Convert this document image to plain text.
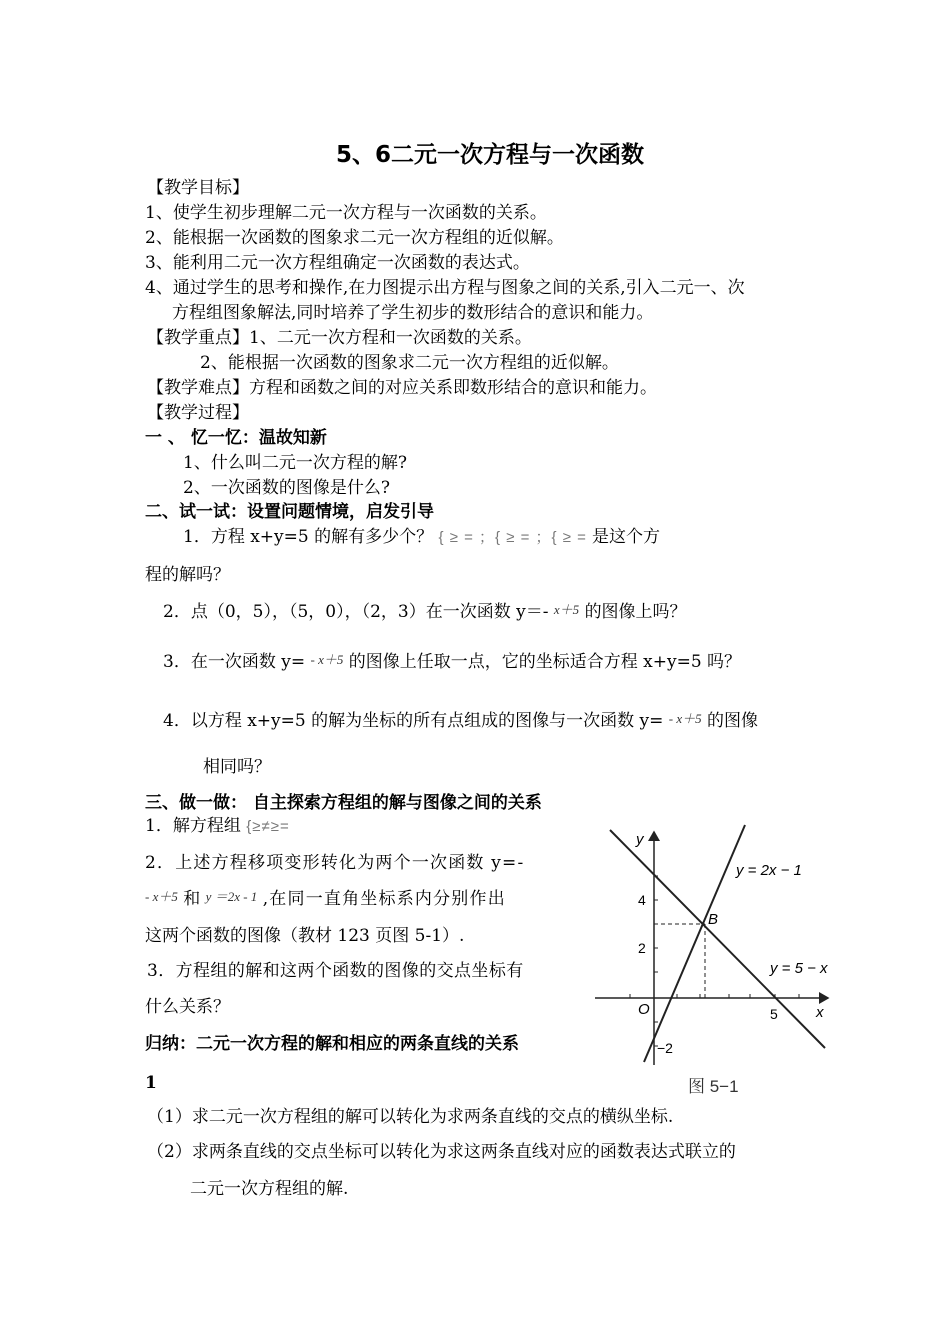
5、6二元一次方程与一次函数
【教学目标】
1、使学生初步理解二元一次方程与一次函数的关系。
2、能根据一次函数的图象求二元一次方程组的近似解。
3、能利用二元一次方程组确定一次函数的表达式。
4、通过学生的思考和操作,在力图提示出方程与图象之间的关系,引入二元一、次
方程组图象解法,同时培养了学生初步的数形结合的意识和能力。
【教学重点】1、二元一次方程和一次函数的关系。
2、能根据一次函数的图象求二元一次方程组的近似解。
【教学难点】方程和函数之间的对应关系即数形结合的意识和能力。
【教学过程】
一 、 忆一忆：温故知新
1、什么叫二元一次方程的解?
2、一次函数的图像是什么?
二、试一试：设置问题情境，启发引导
1．方程 x+y=5 的解有多少个？ { ≥ = ；{ ≥ = ；{ ≥ = 是这个方
程的解吗？
2．点（0，5），（5，0），（2，3）在一次函数 y＝- x＋5 的图像上吗？
3．在一次函数 y= - x＋5 的图像上任取一点，它的坐标适合方程 x+y=5 吗？
4．以方程 x+y=5 的解为坐标的所有点组成的图像与一次函数 y= - x＋5 的图像
相同吗？
三、做一做： 自主探索方程组的解与图像之间的关系
1．解方程组 {≥≠≥=
2．上述方程移项变形转化为两个一次函数 y=-
- x＋5 和 y ＝2x - 1 ,在同一直角坐标系内分别作出
这两个函数的图像（教材 123 页图 5-1）.
3．方程组的解和这两个函数的图像的交点坐标有
什么关系？
归纳：二元一次方程的解和相应的两条直线的关系
1
（1）求二元一次方程组的解可以转化为求两条直线的交点的横纵坐标.
（2）求两条直线的交点坐标可以转化为求这两条直线对应的函数表达式联立的
二元一次方程组的解.
B
y = 2x − 1
y = 5 − x
x
y
O
4
2
5
−2
图 5−1
